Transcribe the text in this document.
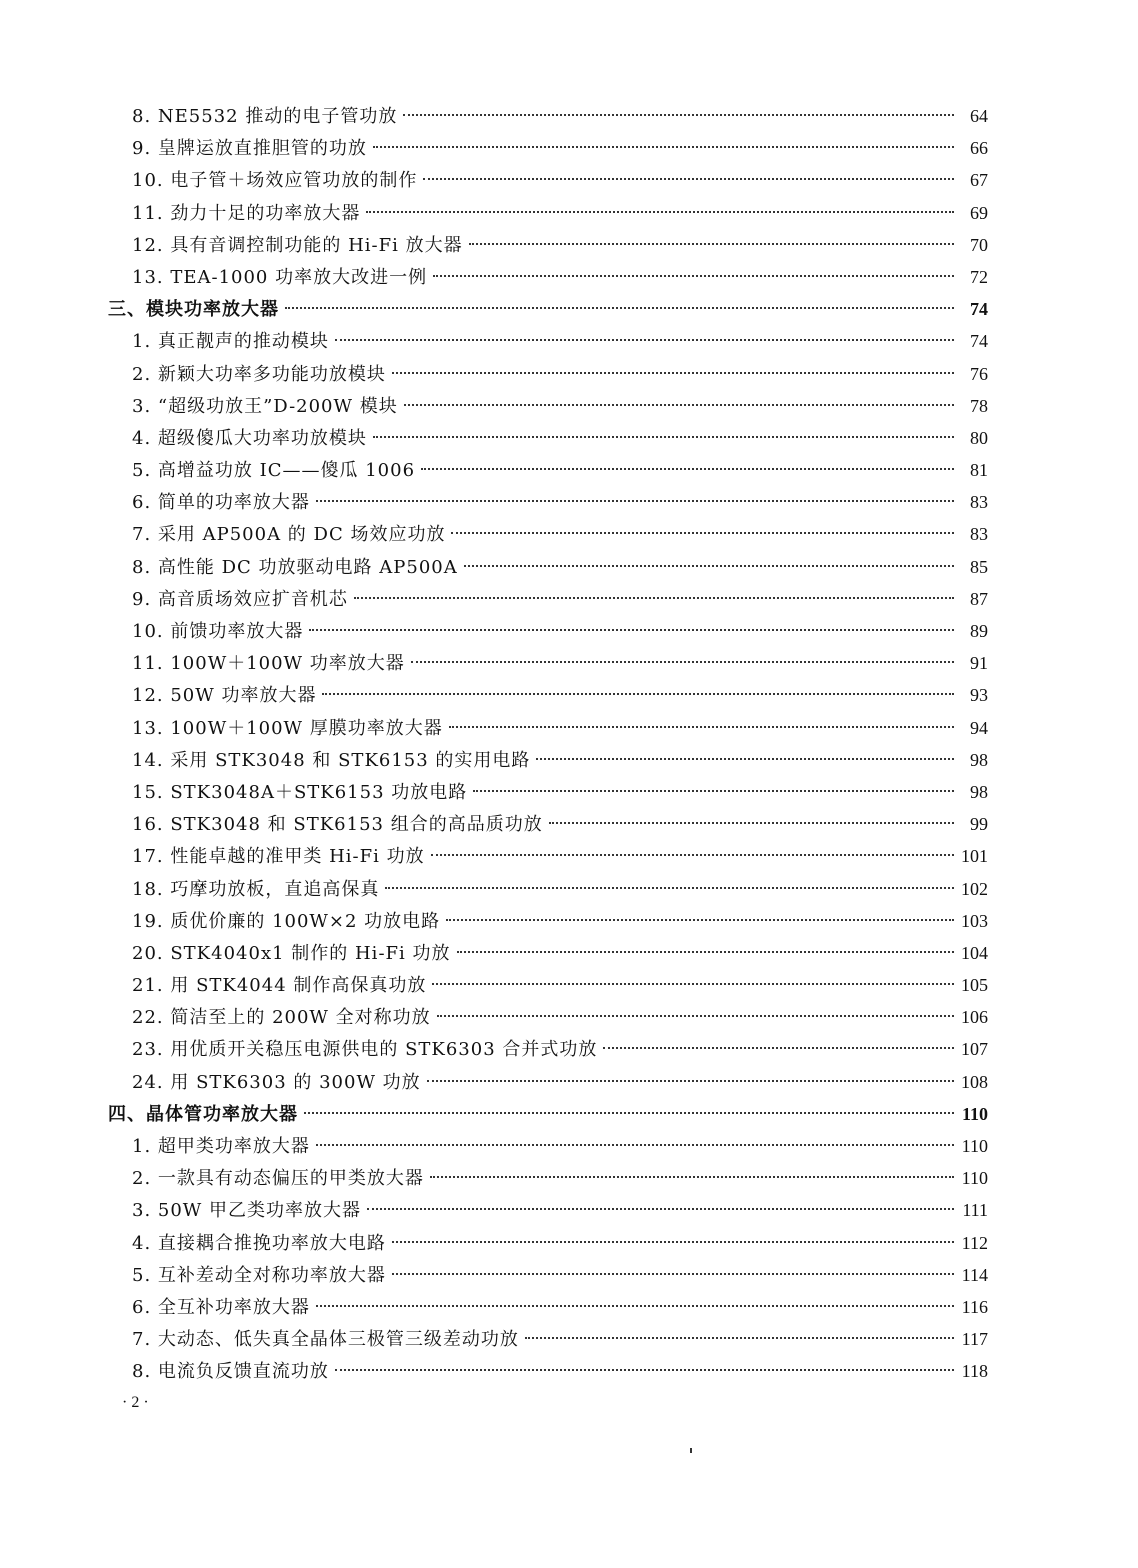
8. NE5532 推动的电子管功放	64
9. 皇牌运放直推胆管的功放	66
10. 电子管＋场效应管功放的制作	67
11. 劲力十足的功率放大器	69
12. 具有音调控制功能的 Hi-Fi 放大器	70
13. TEA-1000 功率放大改进一例	72
三、模块功率放大器	74
1. 真正靓声的推动模块	74
2. 新颖大功率多功能功放模块	76
3. “超级功放王”D-200W 模块	78
4. 超级傻瓜大功率功放模块	80
5. 高增益功放 IC——傻瓜 1006	81
6. 简单的功率放大器	83
7. 采用 AP500A 的 DC 场效应功放	83
8. 高性能 DC 功放驱动电路 AP500A	85
9. 高音质场效应扩音机芯	87
10. 前馈功率放大器	89
11. 100W＋100W 功率放大器	91
12. 50W 功率放大器	93
13. 100W＋100W 厚膜功率放大器	94
14. 采用 STK3048 和 STK6153 的实用电路	98
15. STK3048A＋STK6153 功放电路	98
16. STK3048 和 STK6153 组合的高品质功放	99
17. 性能卓越的准甲类 Hi-Fi 功放	101
18. 巧摩功放板，直追高保真	102
19. 质优价廉的 100W×2 功放电路	103
20. STK4040x1 制作的 Hi-Fi 功放	104
21. 用 STK4044 制作高保真功放	105
22. 简洁至上的 200W 全对称功放	106
23. 用优质开关稳压电源供电的 STK6303 合并式功放	107
24. 用 STK6303 的 300W 功放	108
四、晶体管功率放大器	110
1. 超甲类功率放大器	110
2. 一款具有动态偏压的甲类放大器	110
3. 50W 甲乙类功率放大器	111
4. 直接耦合推挽功率放大电路	112
5. 互补差动全对称功率放大器	114
6. 全互补功率放大器	116
7. 大动态、低失真全晶体三极管三级差动功放	117
8. 电流负反馈直流功放	118
· 2 ·
